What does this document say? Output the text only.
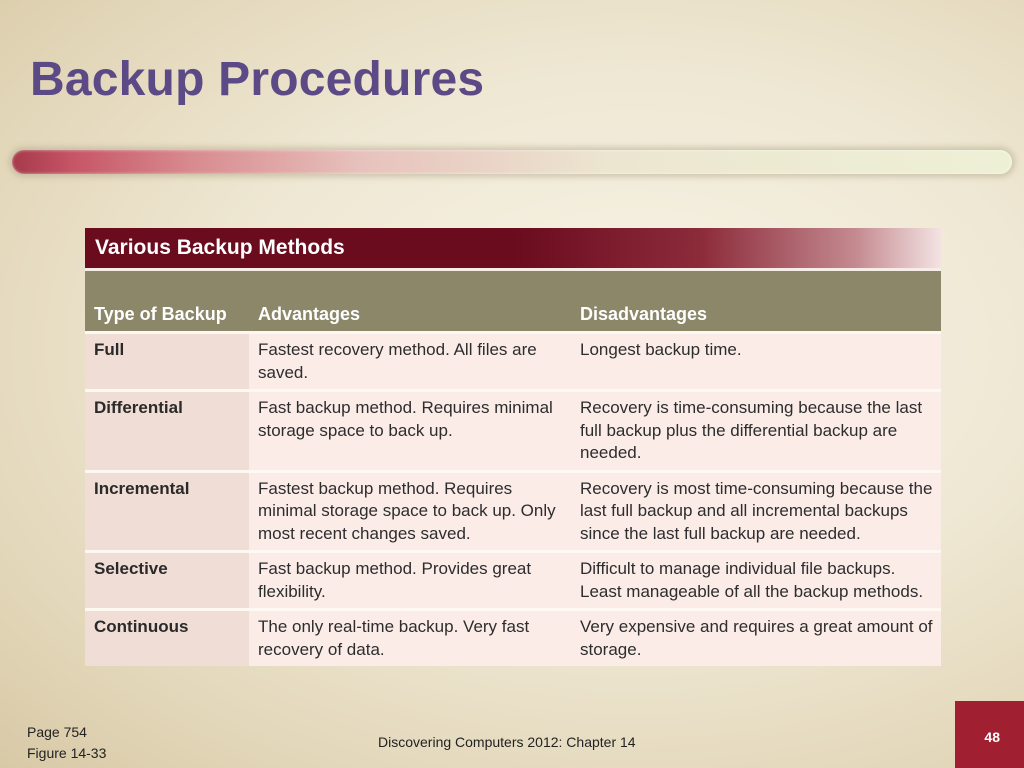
Backup Procedures
Various Backup Methods
Type of Backup	Advantages	Disadvantages
Full	Fastest recovery method. All files are saved.	Longest backup time.
Differential	Fast backup method. Requires minimal storage space to back up.	Recovery is time-consuming because the last full backup plus the differential backup are needed.
Incremental	Fastest backup method. Requires minimal storage space to back up. Only most recent changes saved.	Recovery is most time-consuming because the last full backup and all incremental backups since the last full backup are needed.
Selective	Fast backup method. Provides great flexibility.	Difficult to manage individual file backups. Least manageable of all the backup methods.
Continuous	The only real-time backup. Very fast recovery of data.	Very expensive and requires a great amount of storage.
Page 754
Figure 14-33
Discovering Computers 2012: Chapter 14	48
